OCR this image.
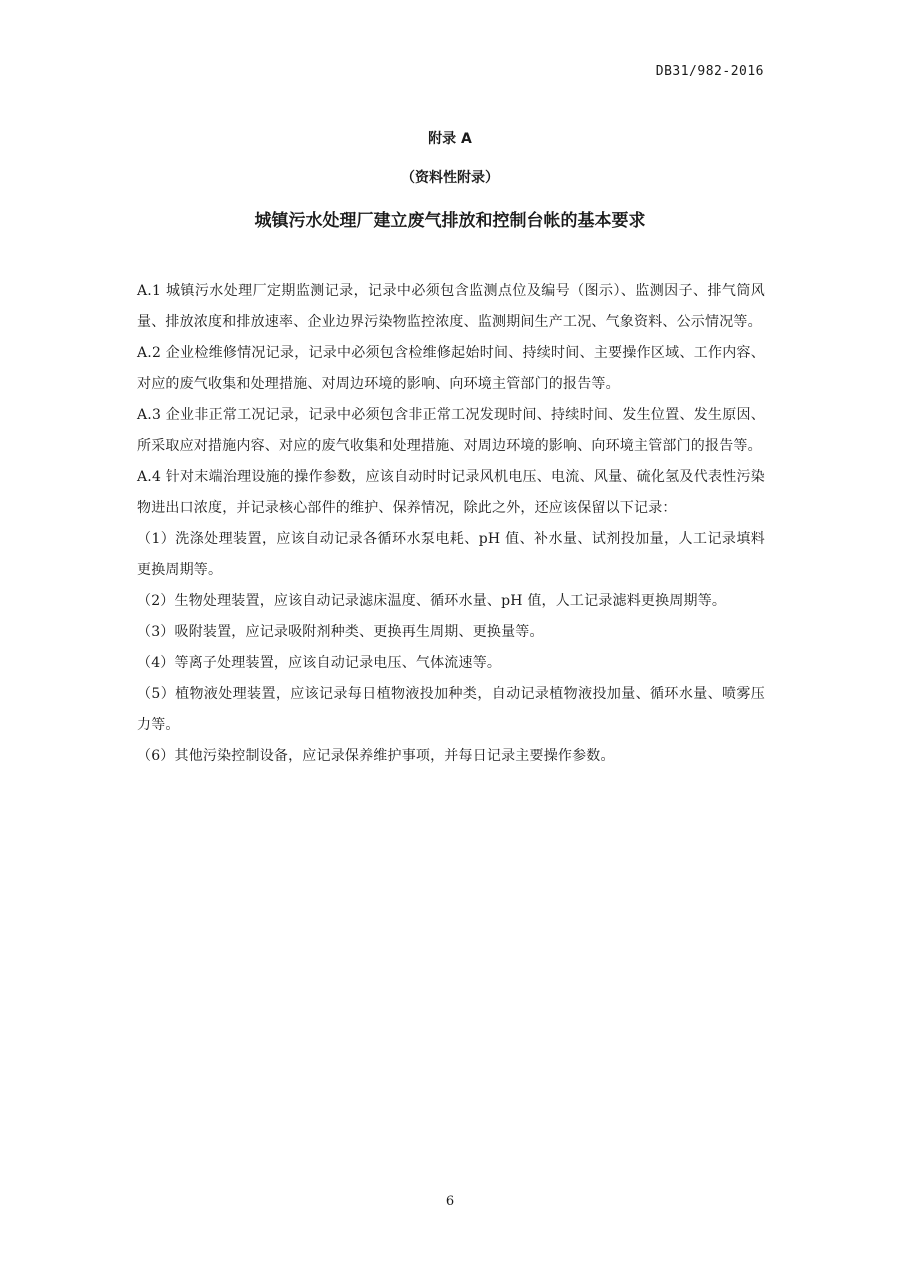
DB31/982-2016
附录 A
（资料性附录）
城镇污水处理厂建立废气排放和控制台帐的基本要求

A.1 城镇污水处理厂定期监测记录，记录中必须包含监测点位及编号（图示）、监测因子、排气筒风量、排放浓度和排放速率、企业边界污染物监控浓度、监测期间生产工况、气象资料、公示情况等。

A.2 企业检维修情况记录，记录中必须包含检维修起始时间、持续时间、主要操作区域、工作内容、对应的废气收集和处理措施、对周边环境的影响、向环境主管部门的报告等。

A.3 企业非正常工况记录，记录中必须包含非正常工况发现时间、持续时间、发生位置、发生原因、所采取应对措施内容、对应的废气收集和处理措施、对周边环境的影响、向环境主管部门的报告等。

A.4 针对末端治理设施的操作参数，应该自动时时记录风机电压、电流、风量、硫化氢及代表性污染物进出口浓度，并记录核心部件的维护、保养情况，除此之外，还应该保留以下记录：

（1）洗涤处理装置，应该自动记录各循环水泵电耗、pH 值、补水量、试剂投加量，人工记录填料更换周期等。

（2）生物处理装置，应该自动记录滤床温度、循环水量、pH 值，人工记录滤料更换周期等。

（3）吸附装置，应记录吸附剂种类、更换再生周期、更换量等。

（4）等离子处理装置，应该自动记录电压、气体流速等。

（5）植物液处理装置，应该记录每日植物液投加种类，自动记录植物液投加量、循环水量、喷雾压力等。

（6）其他污染控制设备，应记录保养维护事项，并每日记录主要操作参数。

6
